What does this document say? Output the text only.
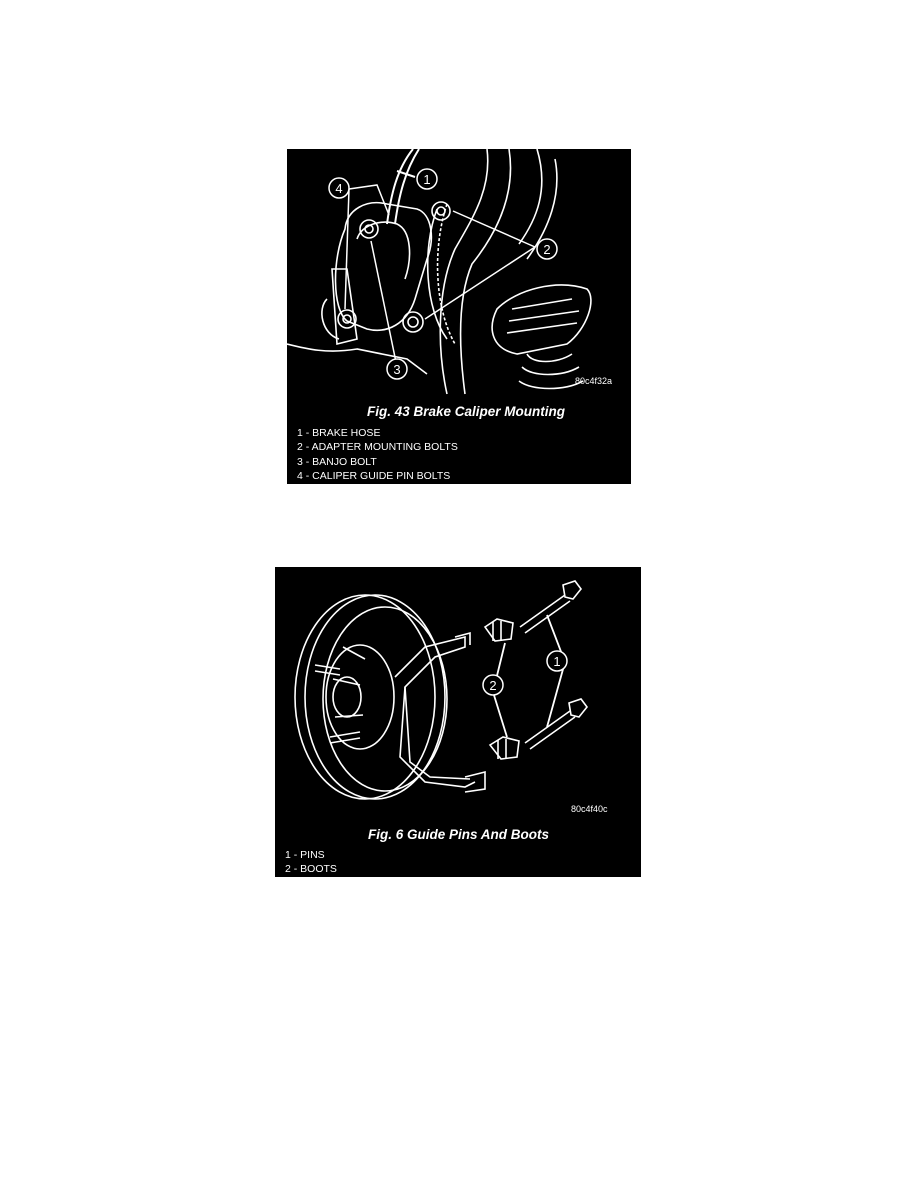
1
4
2
3
80c4f32a
Fig. 43 Brake Caliper Mounting
1 - BRAKE HOSE
2 - ADAPTER MOUNTING BOLTS
3 - BANJO BOLT
4 - CALIPER GUIDE PIN BOLTS
1
2
80c4f40c
Fig. 6 Guide Pins And Boots
1 - PINS
2 - BOOTS
